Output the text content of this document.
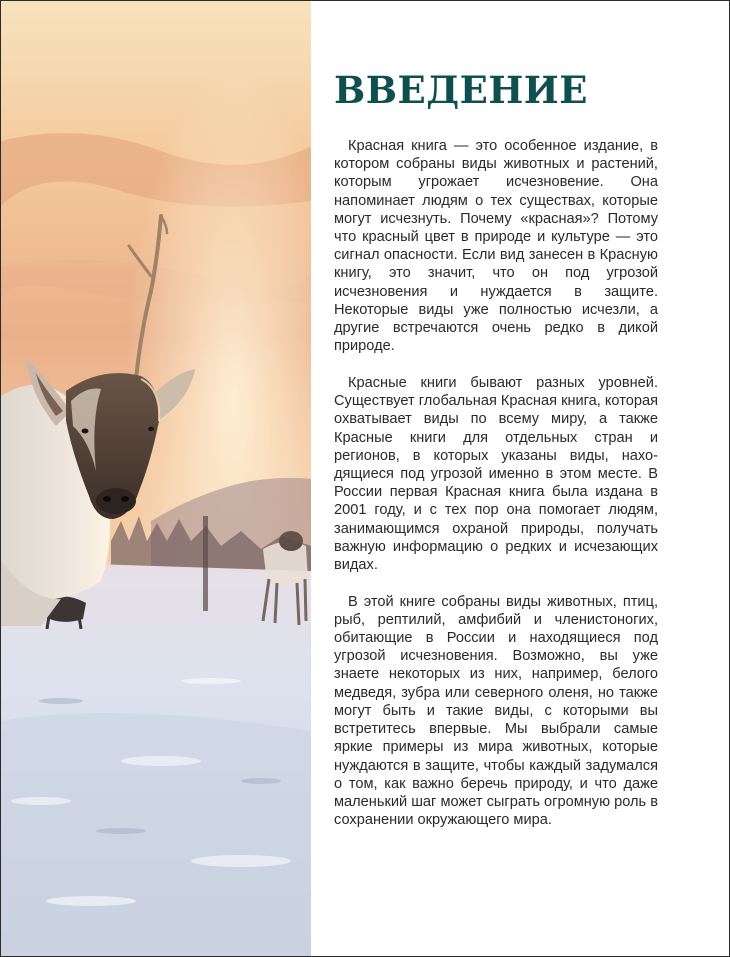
ВВЕДЕНИЕ

Красная книга — это особенное издание, в котором собраны виды животных и растений, которым угрожает исчезновение. Она напоминает людям о тех существах, которые могут исчезнуть. Почему «красная»? Потому что красный цвет в природе и культуре — это сигнал опасности. Если вид занесен в Красную книгу, это значит, что он под угрозой исчезновения и нуждается в защите. Некоторые виды уже полностью исчезли, а другие встречаются очень редко в дикой природе.

Красные книги бывают разных уровней. Существует глобальная Красная книга, которая охватывает виды по всему миру, а также Красные книги для отдельных стран и регионов, в которых указаны виды, находящиеся под угрозой именно в этом месте. В России первая Красная книга была издана в 2001 году, и с тех пор она помогает людям, занимающимся охраной природы, получать важную информацию о редких и исчезающих видах.

В этой книге собраны виды животных, птиц, рыб, рептилий, амфибий и членистоногих, обитающие в России и находящиеся под угрозой исчезновения. Возможно, вы уже знаете некоторых из них, например, белого медведя, зубра или северного оленя, но также могут быть и такие виды, с которыми вы встретитесь впервые. Мы выбрали самые яркие примеры из мира животных, которые нуждаются в защите, чтобы каждый задумался о том, как важно беречь природу, и что даже маленький шаг может сыграть огромную роль в сохранении окружающего мира.
